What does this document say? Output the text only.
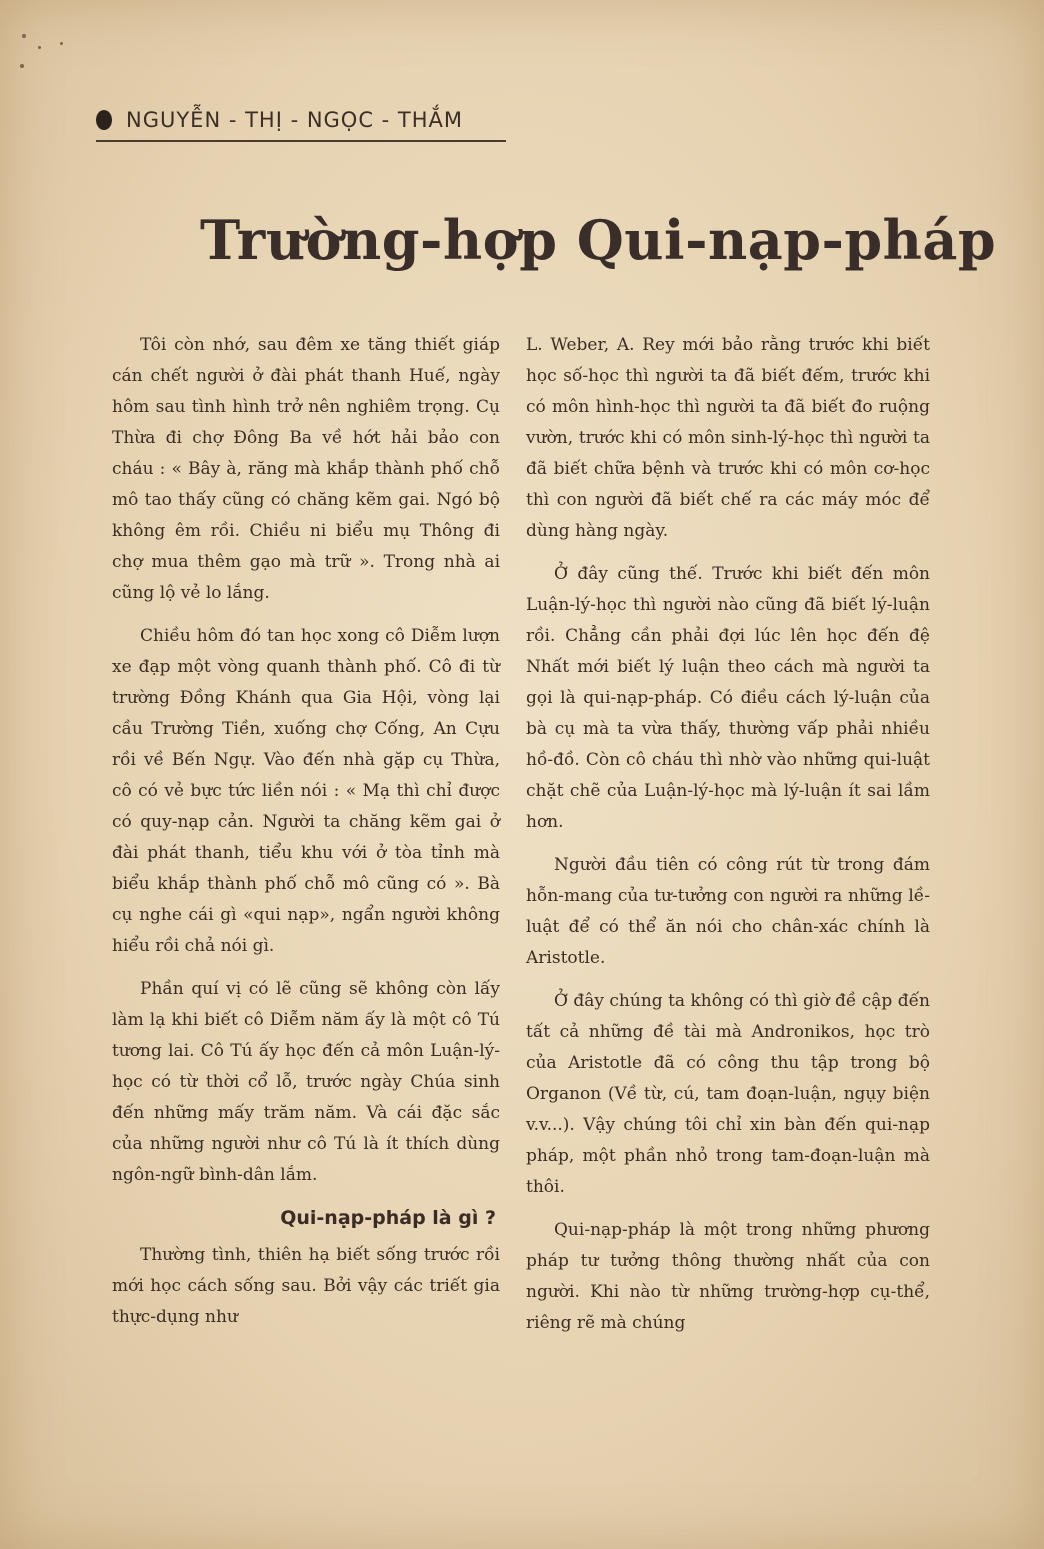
NGUYỄN - THỊ - NGỌC - THẮM
Trường-hợp Qui-nạp-pháp

Tôi còn nhớ, sau đêm xe tăng thiết giáp cán chết người ở đài phát thanh Huế, ngày hôm sau tình hình trở nên nghiêm trọng. Cụ Thừa đi chợ Đông Ba về hớt hải bảo con cháu : « Bây à, răng mà khắp thành phố chỗ mô tao thấy cũng có chăng kẽm gai. Ngó bộ không êm rồi. Chiều ni biểu mụ Thông đi chợ mua thêm gạo mà trữ ». Trong nhà ai cũng lộ vẻ lo lắng.

Chiều hôm đó tan học xong cô Diễm lượn xe đạp một vòng quanh thành phố. Cô đi từ trường Đồng Khánh qua Gia Hội, vòng lại cầu Trường Tiền, xuống chợ Cống, An Cựu rồi về Bến Ngự. Vào đến nhà gặp cụ Thừa, cô có vẻ bực tức liền nói : « Mạ thì chỉ được có quy-nạp cản. Người ta chăng kẽm gai ở đài phát thanh, tiểu khu với ở tòa tỉnh mà biểu khắp thành phố chỗ mô cũng có ». Bà cụ nghe cái gì «qui nạp», ngẩn người không hiểu rồi chả nói gì.

Phần quí vị có lẽ cũng sẽ không còn lấy làm lạ khi biết cô Diễm năm ấy là một cô Tú tương lai. Cô Tú ấy học đến cả môn Luận-lý-học có từ thời cổ lỗ, trước ngày Chúa sinh đến những mấy trăm năm. Và cái đặc sắc của những người như cô Tú là ít thích dùng ngôn-ngữ bình-dân lắm.

Qui-nạp-pháp là gì ?

Thường tình, thiên hạ biết sống trước rồi mới học cách sống sau. Bởi vậy các triết gia thực-dụng như

L. Weber, A. Rey mới bảo rằng trước khi biết học số-học thì người ta đã biết đếm, trước khi có môn hình-học thì người ta đã biết đo ruộng vườn, trước khi có môn sinh-lý-học thì người ta đã biết chữa bệnh và trước khi có môn cơ-học thì con người đã biết chế ra các máy móc để dùng hàng ngày.

Ở đây cũng thế. Trước khi biết đến môn Luận-lý-học thì người nào cũng đã biết lý-luận rồi. Chẳng cần phải đợi lúc lên học đến đệ Nhất mới biết lý luận theo cách mà người ta gọi là qui-nạp-pháp. Có điều cách lý-luận của bà cụ mà ta vừa thấy, thường vấp phải nhiều hồ-đồ. Còn cô cháu thì nhờ vào những qui-luật chặt chẽ của Luận-lý-học mà lý-luận ít sai lầm hơn.

Người đầu tiên có công rút từ trong đám hỗn-mang của tư-tưởng con người ra những lề-luật để có thể ăn nói cho chân-xác chính là Aristotle.

Ở đây chúng ta không có thì giờ đề cập đến tất cả những đề tài mà Andronikos, học trò của Aristotle đã có công thu tập trong bộ Organon (Về từ, cú, tam đoạn-luận, ngụy biện v.v...). Vậy chúng tôi chỉ xin bàn đến qui-nạp pháp, một phần nhỏ trong tam-đoạn-luận mà thôi.

Qui-nạp-pháp là một trong những phương pháp tư tưởng thông thường nhất của con người. Khi nào từ những trường-hợp cụ-thể, riêng rẽ mà chúng
